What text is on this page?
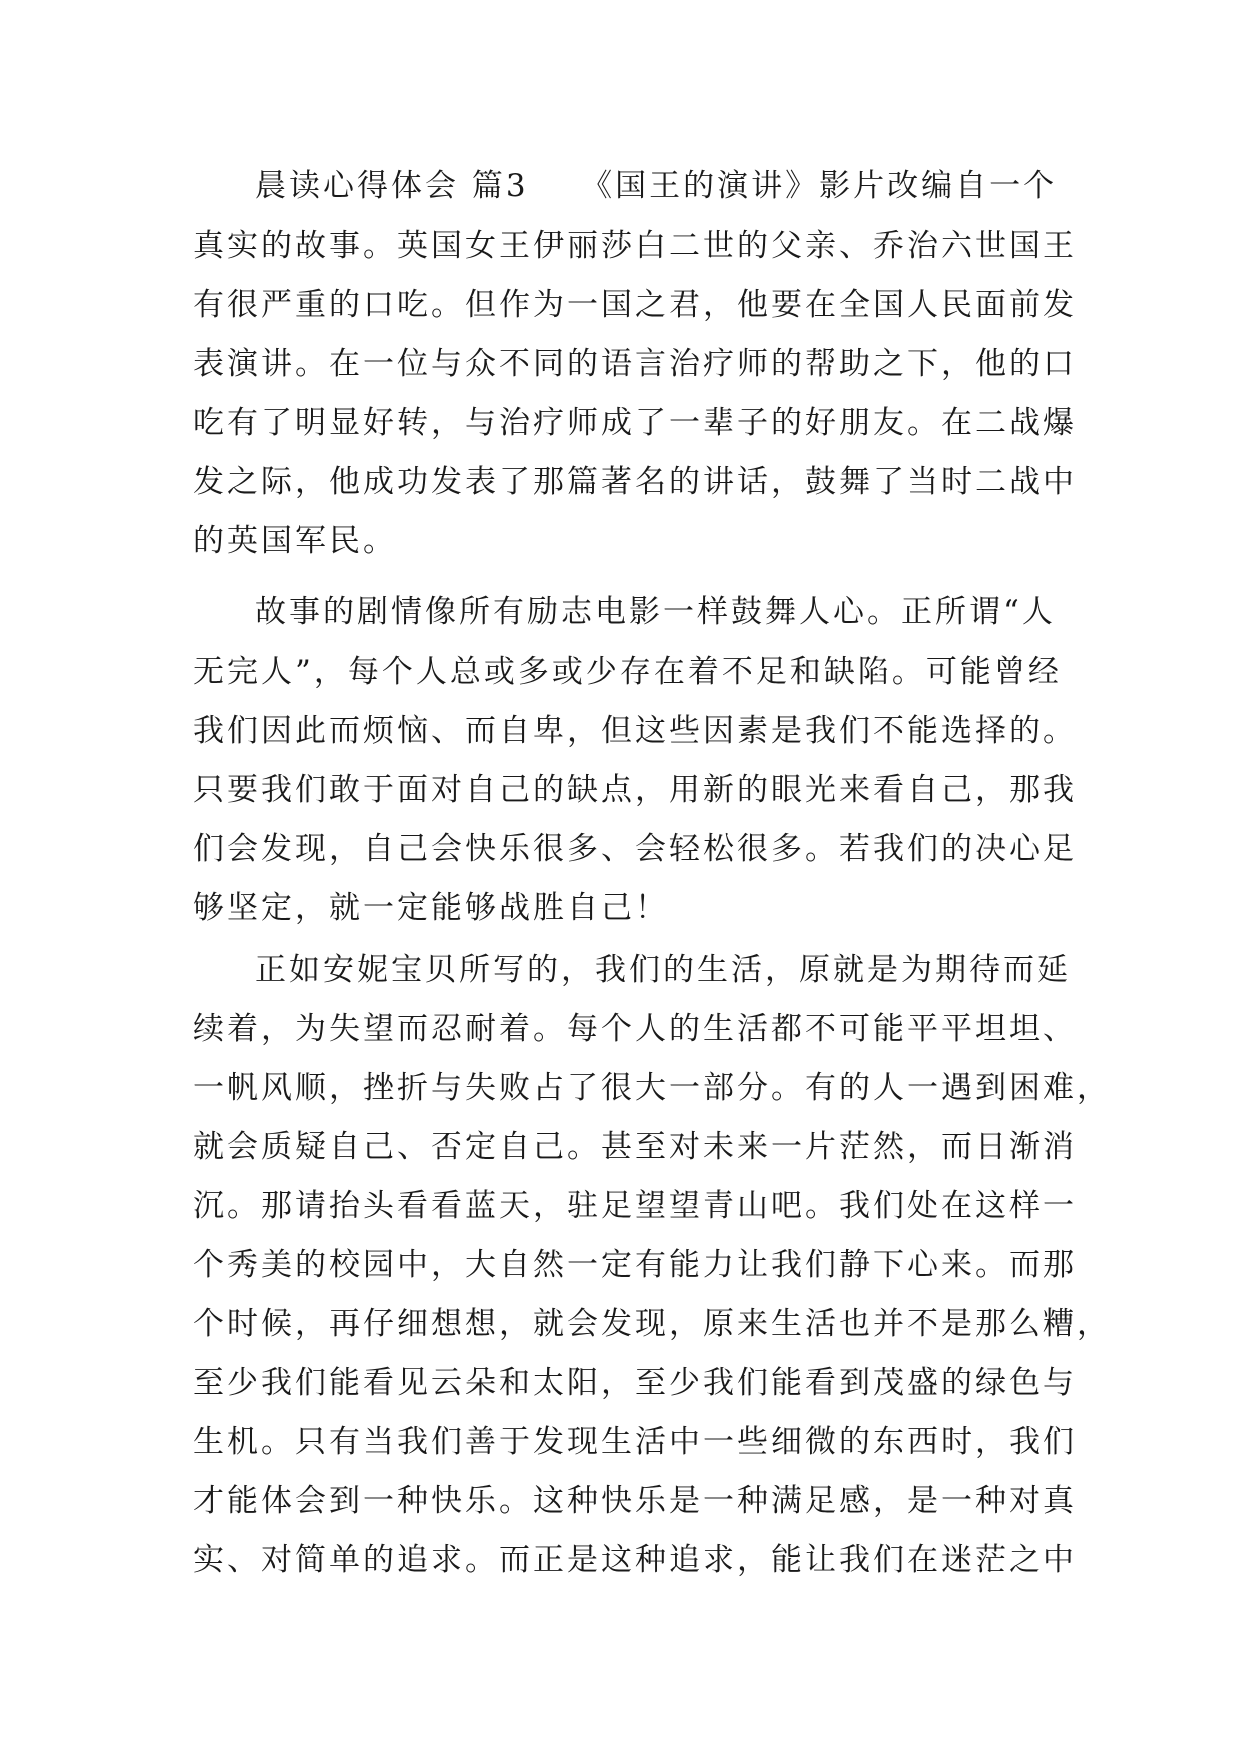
晨读心得体会 篇3　　《国王的演讲》影片改编自一个
真实的故事。英国女王伊丽莎白二世的父亲、乔治六世国王
有很严重的口吃。但作为一国之君，他要在全国人民面前发
表演讲。在一位与众不同的语言治疗师的帮助之下，他的口
吃有了明显好转，与治疗师成了一辈子的好朋友。在二战爆
发之际，他成功发表了那篇著名的讲话，鼓舞了当时二战中
的英国军民。
故事的剧情像所有励志电影一样鼓舞人心。正所谓“人
无完人”，每个人总或多或少存在着不足和缺陷。可能曾经
我们因此而烦恼、而自卑，但这些因素是我们不能选择的。
只要我们敢于面对自己的缺点，用新的眼光来看自己，那我
们会发现，自己会快乐很多、会轻松很多。若我们的决心足
够坚定，就一定能够战胜自己！
正如安妮宝贝所写的，我们的生活，原就是为期待而延
续着，为失望而忍耐着。每个人的生活都不可能平平坦坦、
一帆风顺，挫折与失败占了很大一部分。有的人一遇到困难，
就会质疑自己、否定自己。甚至对未来一片茫然，而日渐消
沉。那请抬头看看蓝天，驻足望望青山吧。我们处在这样一
个秀美的校园中，大自然一定有能力让我们静下心来。而那
个时候，再仔细想想，就会发现，原来生活也并不是那么糟，
至少我们能看见云朵和太阳，至少我们能看到茂盛的绿色与
生机。只有当我们善于发现生活中一些细微的东西时，我们
才能体会到一种快乐。这种快乐是一种满足感，是一种对真
实、对简单的追求。而正是这种追求，能让我们在迷茫之中
